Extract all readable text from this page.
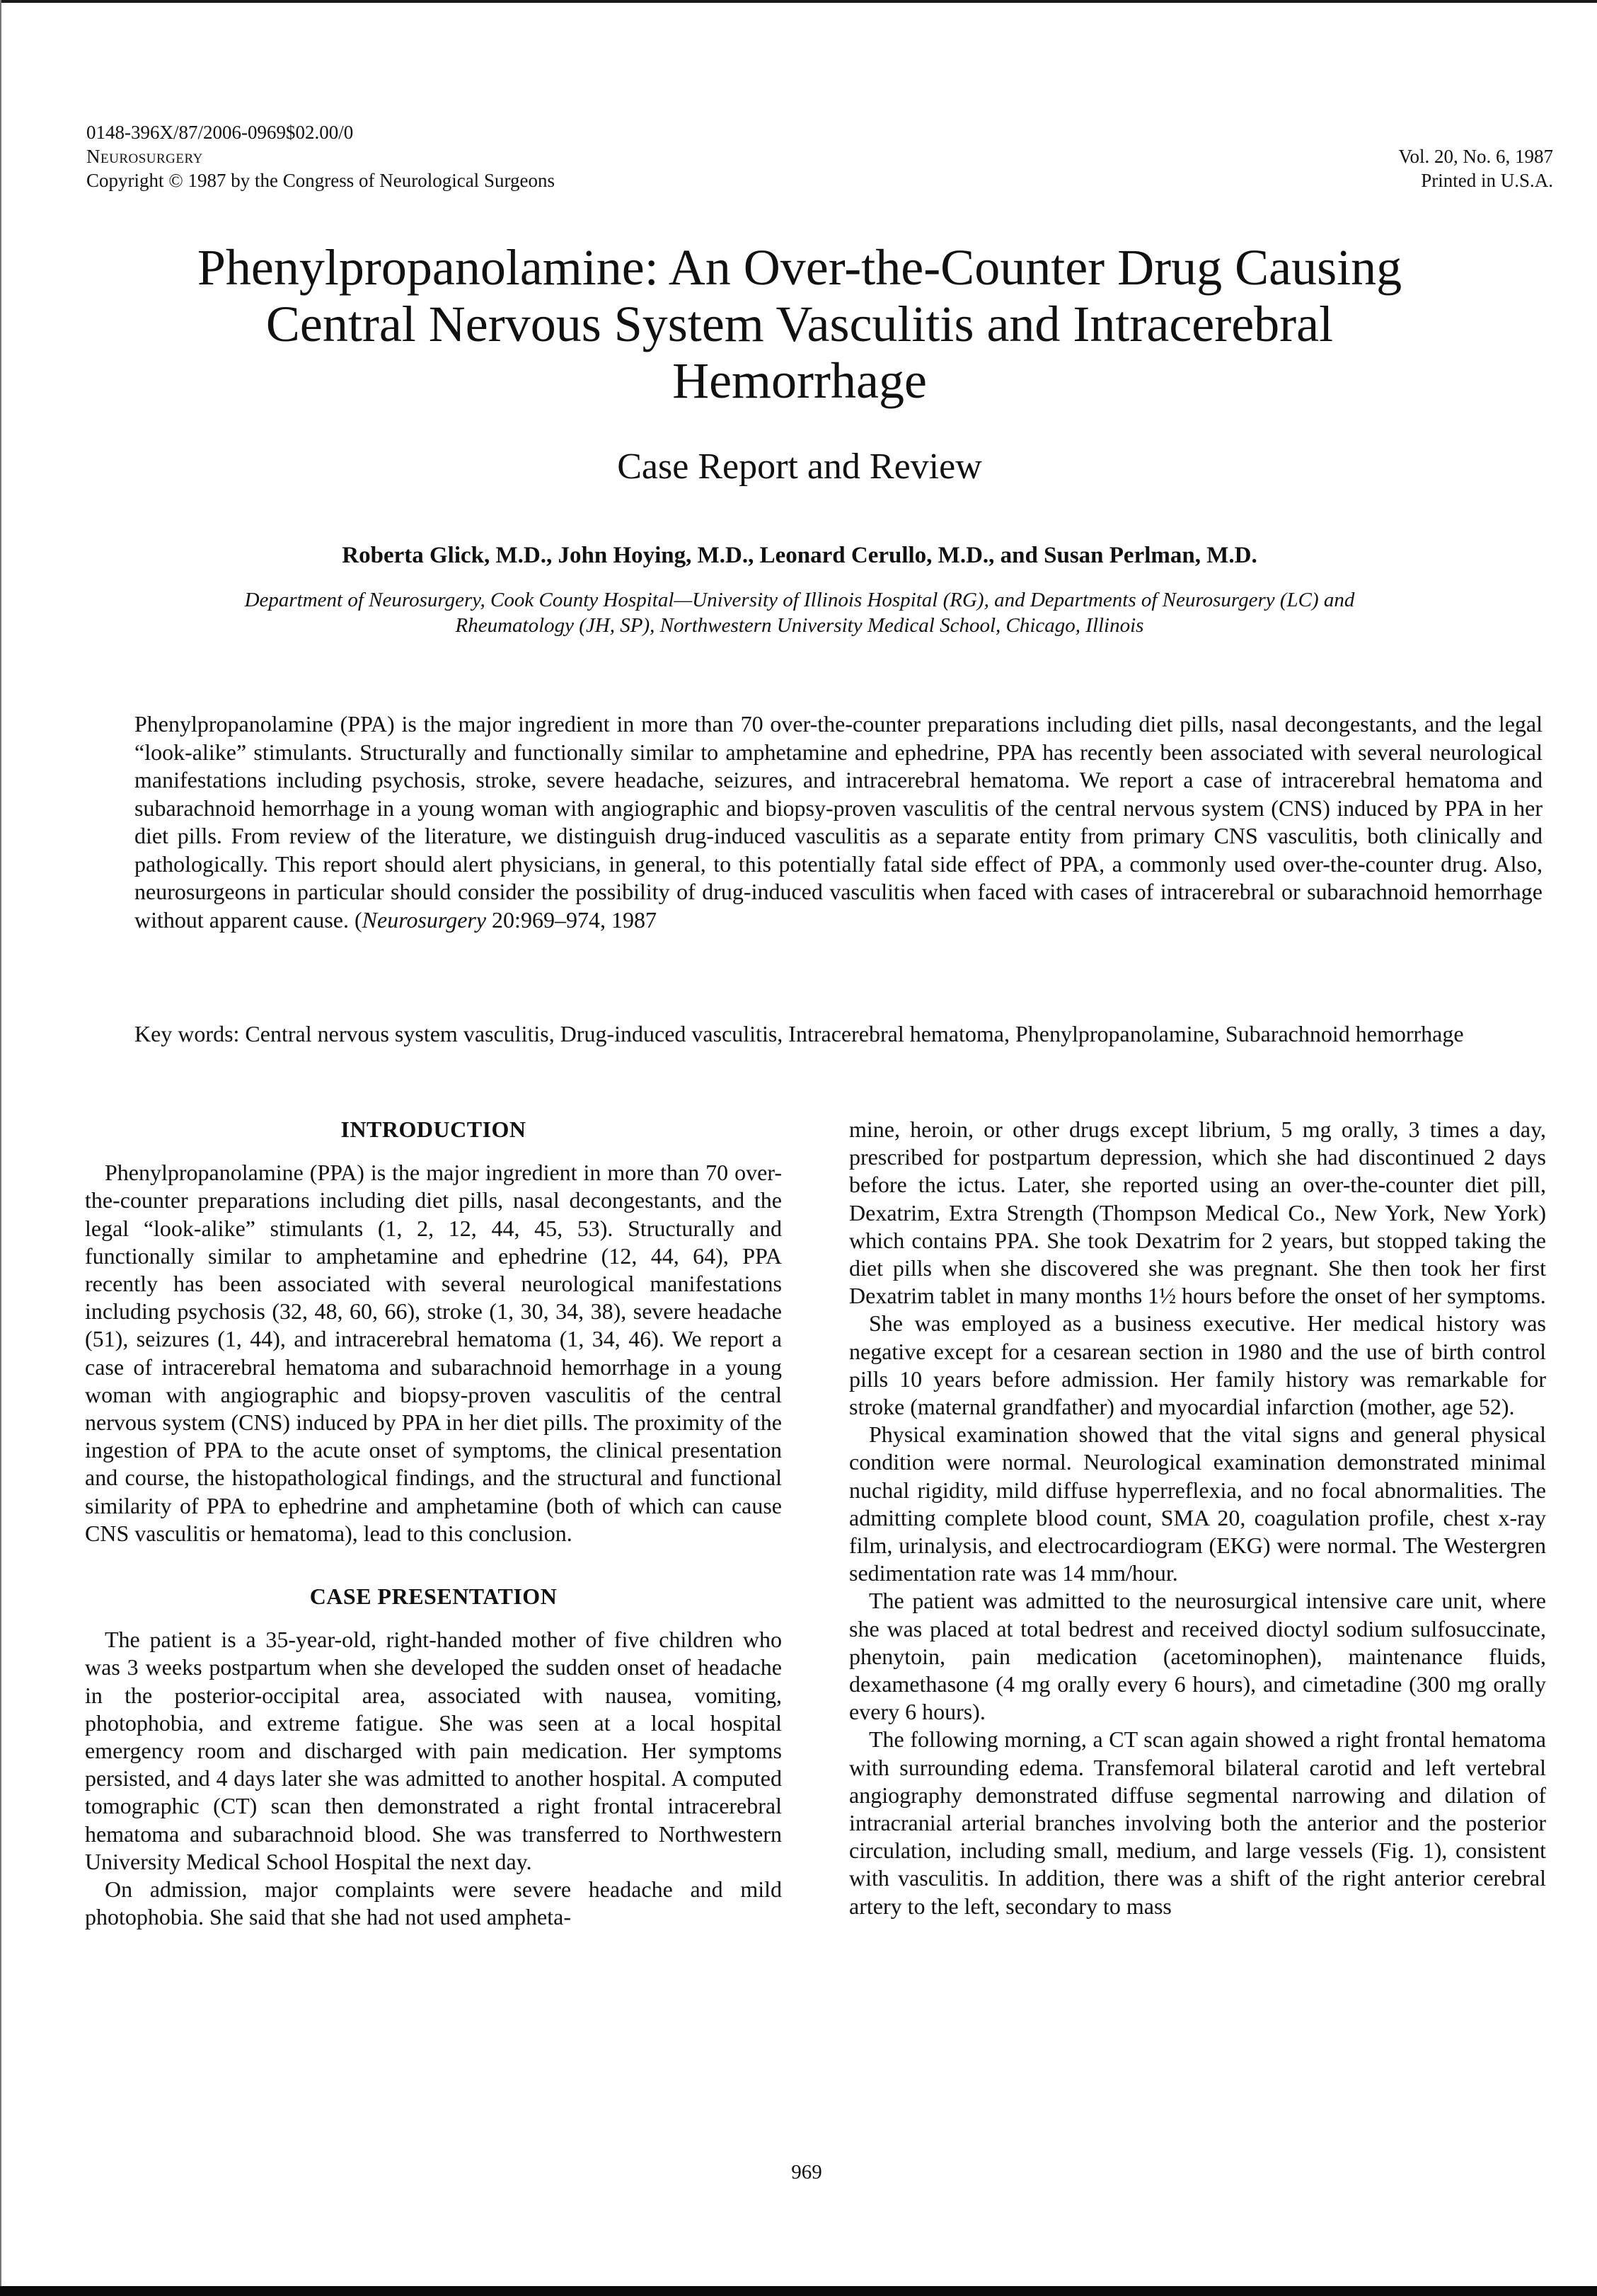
0148-396X/87/2006-0969$02.00/0
Neurosurgery
Copyright © 1987 by the Congress of Neurological Surgeons
Vol. 20, No. 6, 1987
Printed in U.S.A.
Phenylpropanolamine: An Over-the-Counter Drug Causing
Central Nervous System Vasculitis and Intracerebral
Hemorrhage
Case Report and Review
Roberta Glick, M.D., John Hoying, M.D., Leonard Cerullo, M.D., and Susan Perlman, M.D.
Department of Neurosurgery, Cook County Hospital—University of Illinois Hospital (RG), and Departments of Neurosurgery (LC) and
Rheumatology (JH, SP), Northwestern University Medical School, Chicago, Illinois
Phenylpropanolamine (PPA) is the major ingredient in more than 70 over-the-counter preparations including diet pills, nasal decongestants, and the legal “look-alike” stimulants. Structurally and functionally similar to amphetamine and ephedrine, PPA has recently been associated with several neurological manifestations including psychosis, stroke, severe headache, seizures, and intracerebral hematoma. We report a case of intracerebral hematoma and subarachnoid hemorrhage in a young woman with angiographic and biopsy-proven vasculitis of the central nervous system (CNS) induced by PPA in her diet pills. From review of the literature, we distinguish drug-induced vasculitis as a separate entity from primary CNS vasculitis, both clinically and pathologically. This report should alert physicians, in general, to this potentially fatal side effect of PPA, a commonly used over-the-counter drug. Also, neurosurgeons in particular should consider the possibility of drug-induced vasculitis when faced with cases of intracerebral or subarachnoid hemorrhage without apparent cause. (Neurosurgery 20:969–974, 1987
Key words: Central nervous system vasculitis, Drug-induced vasculitis, Intracerebral hematoma, Phenylpropanolamine, Subarachnoid hemorrhage
INTRODUCTION

Phenylpropanolamine (PPA) is the major ingredient in more than 70 over-the-counter preparations including diet pills, nasal decongestants, and the legal “look-alike” stimulants (1, 2, 12, 44, 45, 53). Structurally and functionally similar to amphetamine and ephedrine (12, 44, 64), PPA recently has been associated with several neurological manifestations including psychosis (32, 48, 60, 66), stroke (1, 30, 34, 38), severe headache (51), seizures (1, 44), and intracerebral hematoma (1, 34, 46). We report a case of intracerebral hematoma and subarachnoid hemorrhage in a young woman with angiographic and biopsy-proven vasculitis of the central nervous system (CNS) induced by PPA in her diet pills. The proximity of the ingestion of PPA to the acute onset of symptoms, the clinical presentation and course, the histopathological findings, and the structural and functional similarity of PPA to ephedrine and amphetamine (both of which can cause CNS vasculitis or hematoma), lead to this conclusion.

CASE PRESENTATION

The patient is a 35-year-old, right-handed mother of five children who was 3 weeks postpartum when she developed the sudden onset of headache in the posterior-occipital area, associated with nausea, vomiting, photophobia, and extreme fatigue. She was seen at a local hospital emergency room and discharged with pain medication. Her symptoms persisted, and 4 days later she was admitted to another hospital. A computed tomographic (CT) scan then demonstrated a right frontal intracerebral hematoma and subarachnoid blood. She was transferred to Northwestern University Medical School Hospital the next day.

On admission, major complaints were severe headache and mild photophobia. She said that she had not used ampheta-

mine, heroin, or other drugs except librium, 5 mg orally, 3 times a day, prescribed for postpartum depression, which she had discontinued 2 days before the ictus. Later, she reported using an over-the-counter diet pill, Dexatrim, Extra Strength (Thompson Medical Co., New York, New York) which contains PPA. She took Dexatrim for 2 years, but stopped taking the diet pills when she discovered she was pregnant. She then took her first Dexatrim tablet in many months 1½ hours before the onset of her symptoms.

She was employed as a business executive. Her medical history was negative except for a cesarean section in 1980 and the use of birth control pills 10 years before admission. Her family history was remarkable for stroke (maternal grandfather) and myocardial infarction (mother, age 52).

Physical examination showed that the vital signs and general physical condition were normal. Neurological examination demonstrated minimal nuchal rigidity, mild diffuse hyperreflexia, and no focal abnormalities. The admitting complete blood count, SMA 20, coagulation profile, chest x-ray film, urinalysis, and electrocardiogram (EKG) were normal. The Westergren sedimentation rate was 14 mm/hour.

The patient was admitted to the neurosurgical intensive care unit, where she was placed at total bedrest and received dioctyl sodium sulfosuccinate, phenytoin, pain medication (acetominophen), maintenance fluids, dexamethasone (4 mg orally every 6 hours), and cimetadine (300 mg orally every 6 hours).

The following morning, a CT scan again showed a right frontal hematoma with surrounding edema. Transfemoral bilateral carotid and left vertebral angiography demonstrated diffuse segmental narrowing and dilation of intracranial arterial branches involving both the anterior and the posterior circulation, including small, medium, and large vessels (Fig. 1), consistent with vasculitis. In addition, there was a shift of the right anterior cerebral artery to the left, secondary to mass

969
